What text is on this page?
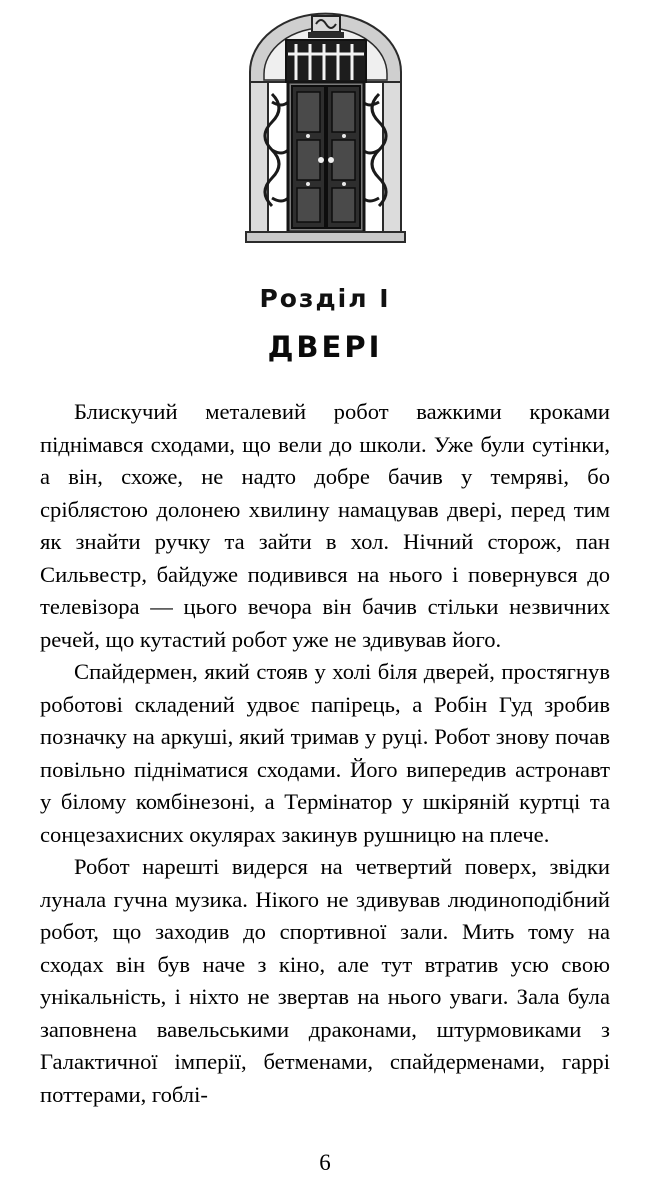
Розділ I
ДВЕРІ

Блискучий металевий робот важкими кроками піднімався сходами, що вели до школи. Уже були сутінки, а він, схоже, не надто добре бачив у темряві, бо сріблястою долонею хвилину намацував двері, перед тим як знайти ручку та зайти в хол. Нічний сторож, пан Сильвестр, байдуже подивився на нього і повернувся до телевізора — цього вечора він бачив стільки незвичних речей, що кутастий робот уже не здивував його.

Спайдермен, який стояв у холі біля дверей, простягнув роботові складений удвоє папірець, а Робін Гуд зробив позначку на аркуші, який тримав у руці. Робот знову почав повільно підніматися сходами. Його випередив астронавт у білому комбінезоні, а Термінатор у шкіряній куртці та сонцезахисних окулярах закинув рушницю на плече.

Робот нарешті видерся на четвертий поверх, звідки лунала гучна музика. Нікого не здивував людиноподібний робот, що заходив до спортивної зали. Мить тому на сходах він був наче з кіно, але тут втратив усю свою унікальність, і ніхто не звертав на нього уваги. Зала була заповнена вавельськими драконами, штурмовиками з Галактичної імперії, бетменами, спайдерменами, гаррі поттерами, гоблі-

6
